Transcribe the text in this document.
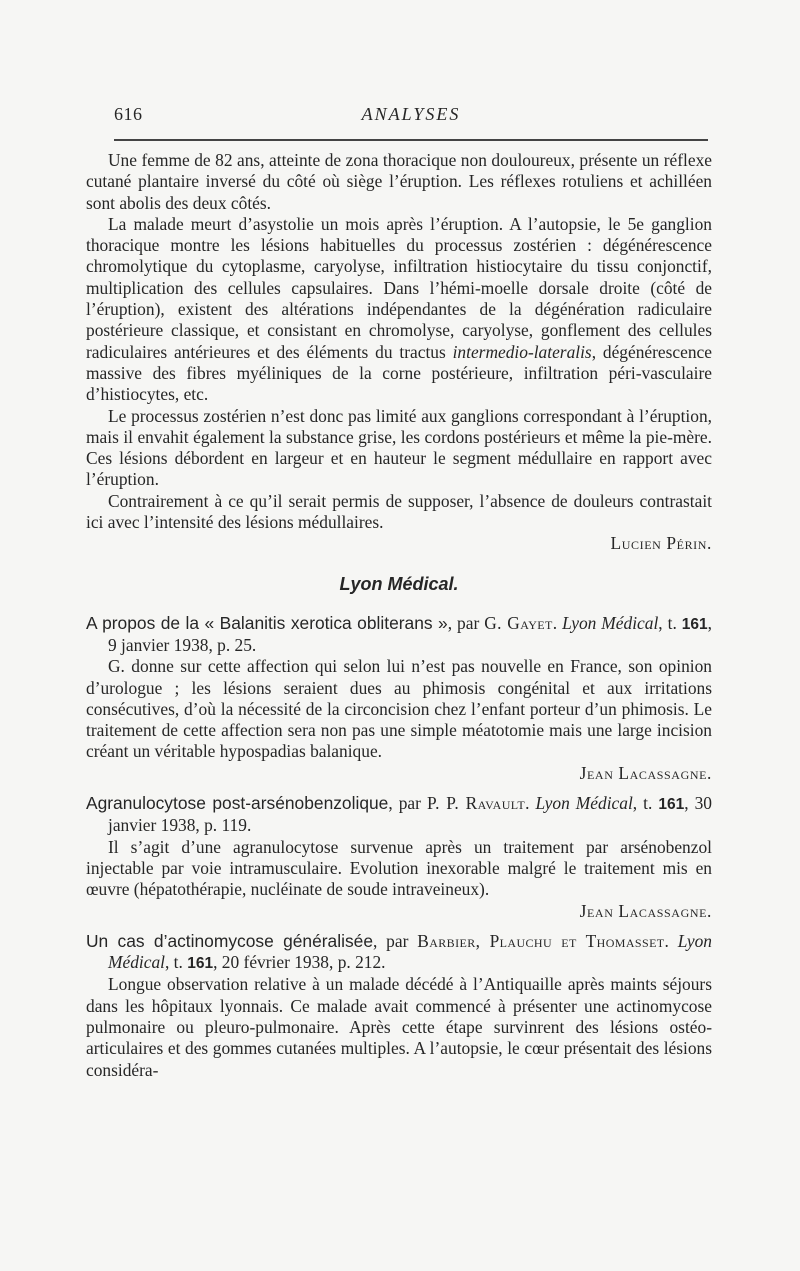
616	ANALYSES

Une femme de 82 ans, atteinte de zona thoracique non douloureux, présente un réflexe cutané plantaire inversé du côté où siège l’éruption. Les réflexes rotuliens et achilléen sont abolis des deux côtés.

La malade meurt d’asystolie un mois après l’éruption. A l’autopsie, le 5e ganglion thoracique montre les lésions habituelles du processus zostérien : dégénérescence chromolytique du cytoplasme, caryolyse, infiltration histiocytaire du tissu conjonctif, multiplication des cellules capsulaires. Dans l’hémi-moelle dorsale droite (côté de l’éruption), existent des altérations indépendantes de la dégénération radiculaire postérieure classique, et consistant en chromolyse, caryolyse, gonflement des cellules radiculaires antérieures et des éléments du tractus intermedio-lateralis, dégénérescence massive des fibres myéliniques de la corne postérieure, infiltration péri-vasculaire d’histiocytes, etc.

Le processus zostérien n’est donc pas limité aux ganglions correspondant à l’éruption, mais il envahit également la substance grise, les cordons postérieurs et même la pie-mère. Ces lésions débordent en largeur et en hauteur le segment médullaire en rapport avec l’éruption.

Contrairement à ce qu’il serait permis de supposer, l’absence de douleurs contrastait ici avec l’intensité des lésions médullaires.

Lucien Périn.
Lyon Médical.

A propos de la « Balanitis xerotica obliterans », par G. Gayet. Lyon Médical, t. 161, 9 janvier 1938, p. 25.

G. donne sur cette affection qui selon lui n’est pas nouvelle en France, son opinion d’urologue ; les lésions seraient dues au phimosis congénital et aux irritations consécutives, d’où la nécessité de la circoncision chez l’enfant porteur d’un phimosis. Le traitement de cette affection sera non pas une simple méatotomie mais une large incision créant un véritable hypospadias balanique.

Jean Lacassagne.

Agranulocytose post-arsénobenzolique, par P. P. Ravault. Lyon Médical, t. 161, 30 janvier 1938, p. 119.

Il s’agit d’une agranulocytose survenue après un traitement par arsénobenzol injectable par voie intramusculaire. Evolution inexorable malgré le traitement mis en œuvre (hépatothérapie, nucléinate de soude intraveineux).

Jean Lacassagne.

Un cas d’actinomycose généralisée, par Barbier, Plauchu et Thomasset. Lyon Médical, t. 161, 20 février 1938, p. 212.

Longue observation relative à un malade décédé à l’Antiquaille après maints séjours dans les hôpitaux lyonnais. Ce malade avait commencé à présenter une actinomycose pulmonaire ou pleuro-pulmonaire. Après cette étape survinrent des lésions ostéo-articulaires et des gommes cutanées multiples. A l’autopsie, le cœur présentait des lésions considéra-
